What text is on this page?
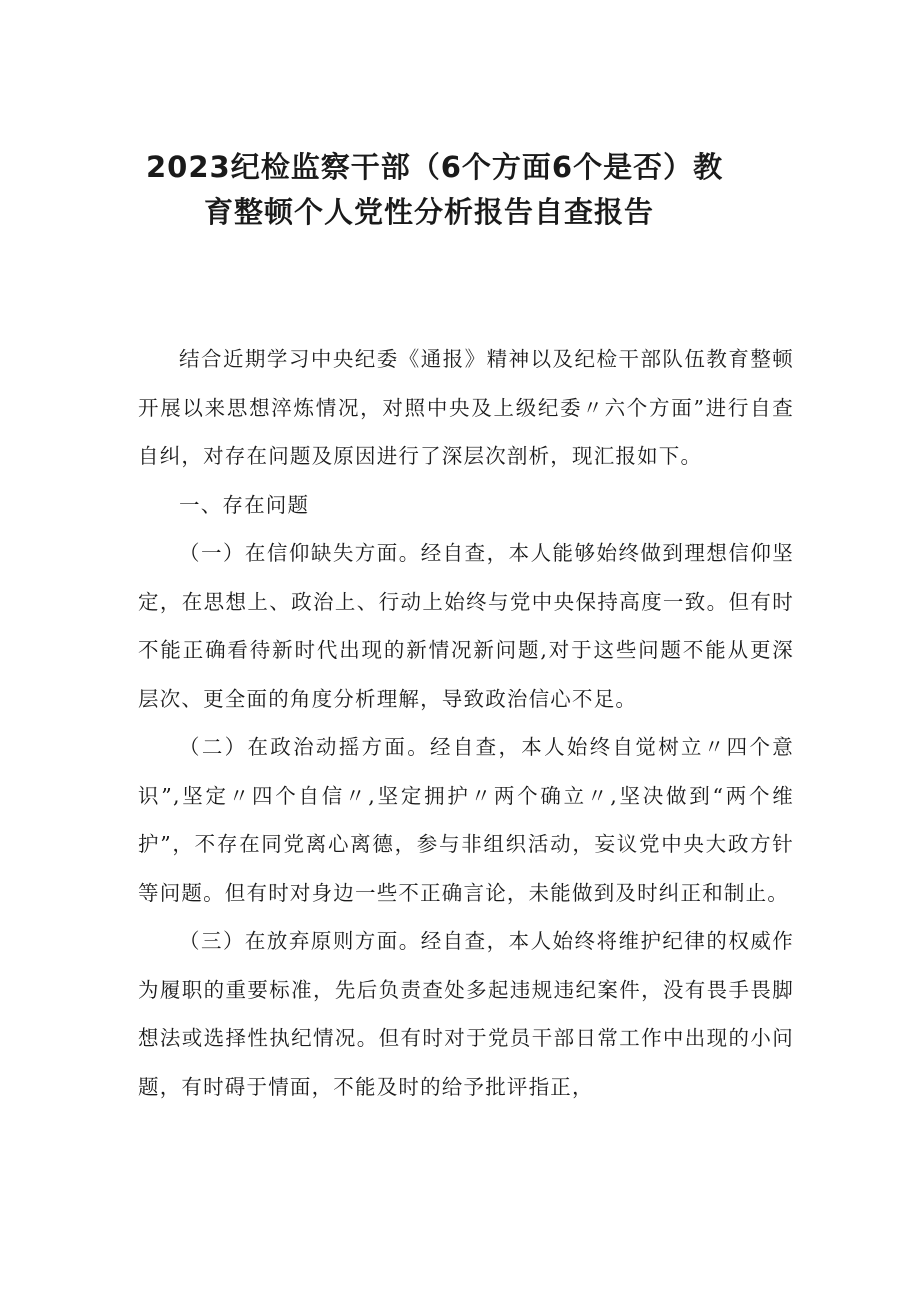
2023纪检监察干部（6个方面6个是否）教
育整顿个人党性分析报告自查报告

结合近期学习中央纪委《通报》精神以及纪检干部队伍教育整顿开展以来思想淬炼情况，对照中央及上级纪委〃六个方面”进行自查自纠，对存在问题及原因进行了深层次剖析，现汇报如下。

一、存在问题

（一）在信仰缺失方面。经自查，本人能够始终做到理想信仰坚定，在思想上、政治上、行动上始终与党中央保持高度一致。但有时不能正确看待新时代出现的新情况新问题,对于这些问题不能从更深层次、更全面的角度分析理解，导致政治信心不足。

（二）在政治动摇方面。经自查，本人始终自觉树立〃四个意识”,坚定〃四个自信〃,坚定拥护〃两个确立〃,坚决做到“两个维护”，不存在同党离心离德，参与非组织活动，妄议党中央大政方针等问题。但有时对身边一些不正确言论，未能做到及时纠正和制止。

（三）在放弃原则方面。经自查，本人始终将维护纪律的权威作为履职的重要标准，先后负责查处多起违规违纪案件，没有畏手畏脚想法或选择性执纪情况。但有时对于党员干部日常工作中出现的小问题，有时碍于情面，不能及时的给予批评指正，
